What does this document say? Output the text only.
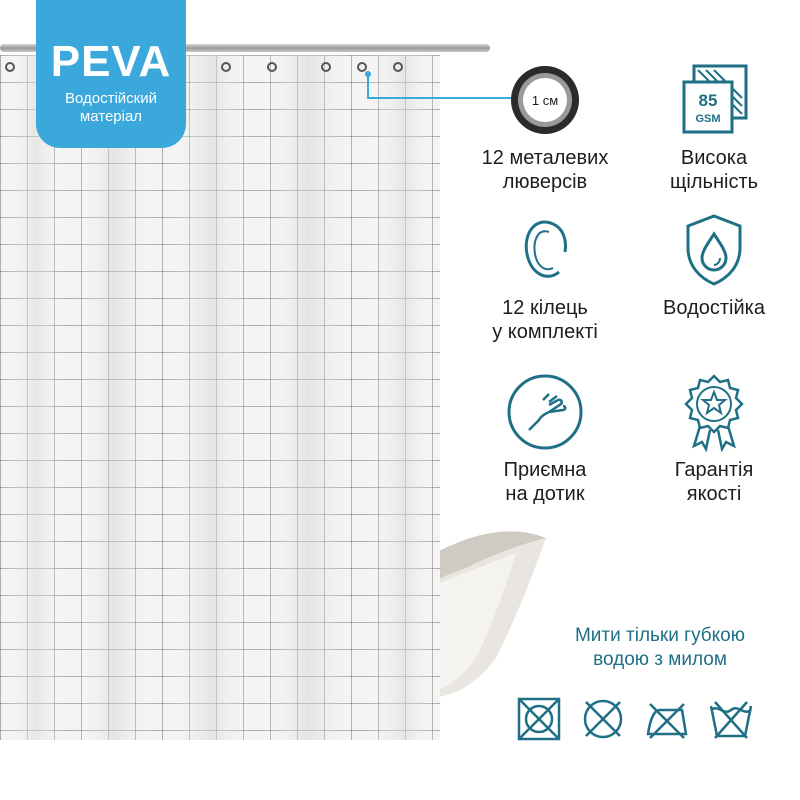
PEVA
Водостійский
матеріал
1 см
12 металевих
люверсів
85
GSM
Висока
щільність
12 кілець
у комплекті
Водостійка
Приємна
на дотик
Гарантія
якості
Мити тільки губкою
водою з милом
